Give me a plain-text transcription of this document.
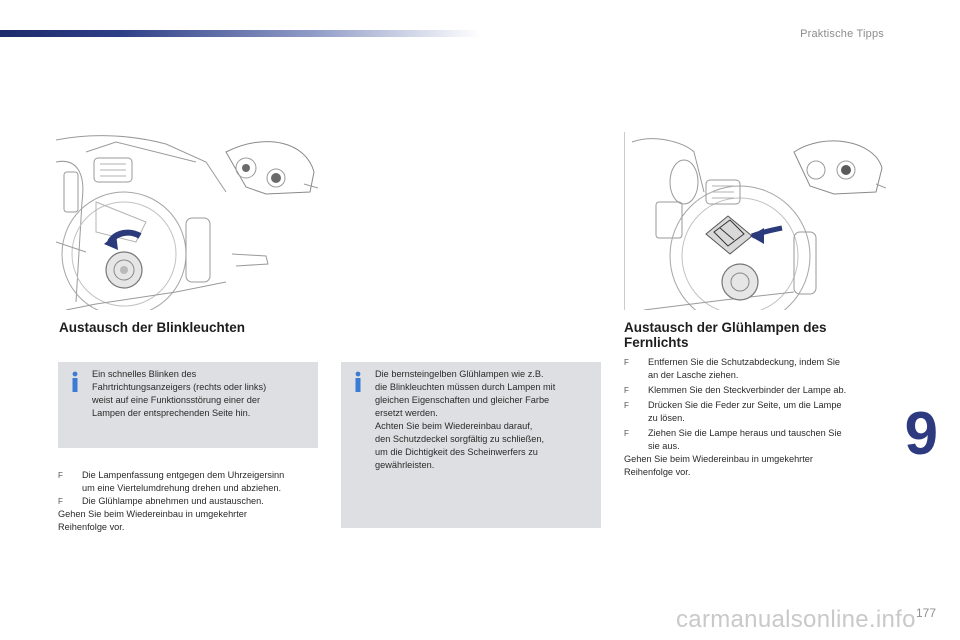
Praktische Tipps
9
Austausch der Blinkleuchten
Ein schnelles Blinken des
Fahrtrichtungsanzeigers (rechts oder links)
weist auf eine Funktionsstörung einer der
Lampen der entsprechenden Seite hin.
F Die Lampenfassung entgegen dem Uhrzeigersinn
um eine Viertelumdrehung drehen und abziehen.
F Die Glühlampe abnehmen und austauschen.
Gehen Sie beim Wiedereinbau in umgekehrter
Reihenfolge vor.
Die bernsteingelben Glühlampen wie z.B.
die Blinkleuchten müssen durch Lampen mit
gleichen Eigenschaften und gleicher Farbe
ersetzt werden.
Achten Sie beim Wiedereinbau darauf,
den Schutzdeckel sorgfältig zu schließen,
um die Dichtigkeit des Scheinwerfers zu
gewährleisten.
Austausch der Glühlampen des
Fernlichts
F Entfernen Sie die Schutzabdeckung, indem Sie
an der Lasche ziehen.
F Klemmen Sie den Steckverbinder der Lampe ab.
F Drücken Sie die Feder zur Seite, um die Lampe
zu lösen.
F Ziehen Sie die Lampe heraus und tauschen Sie
sie aus.
Gehen Sie beim Wiedereinbau in umgekehrter
Reihenfolge vor.
carmanualsonline.info 177
